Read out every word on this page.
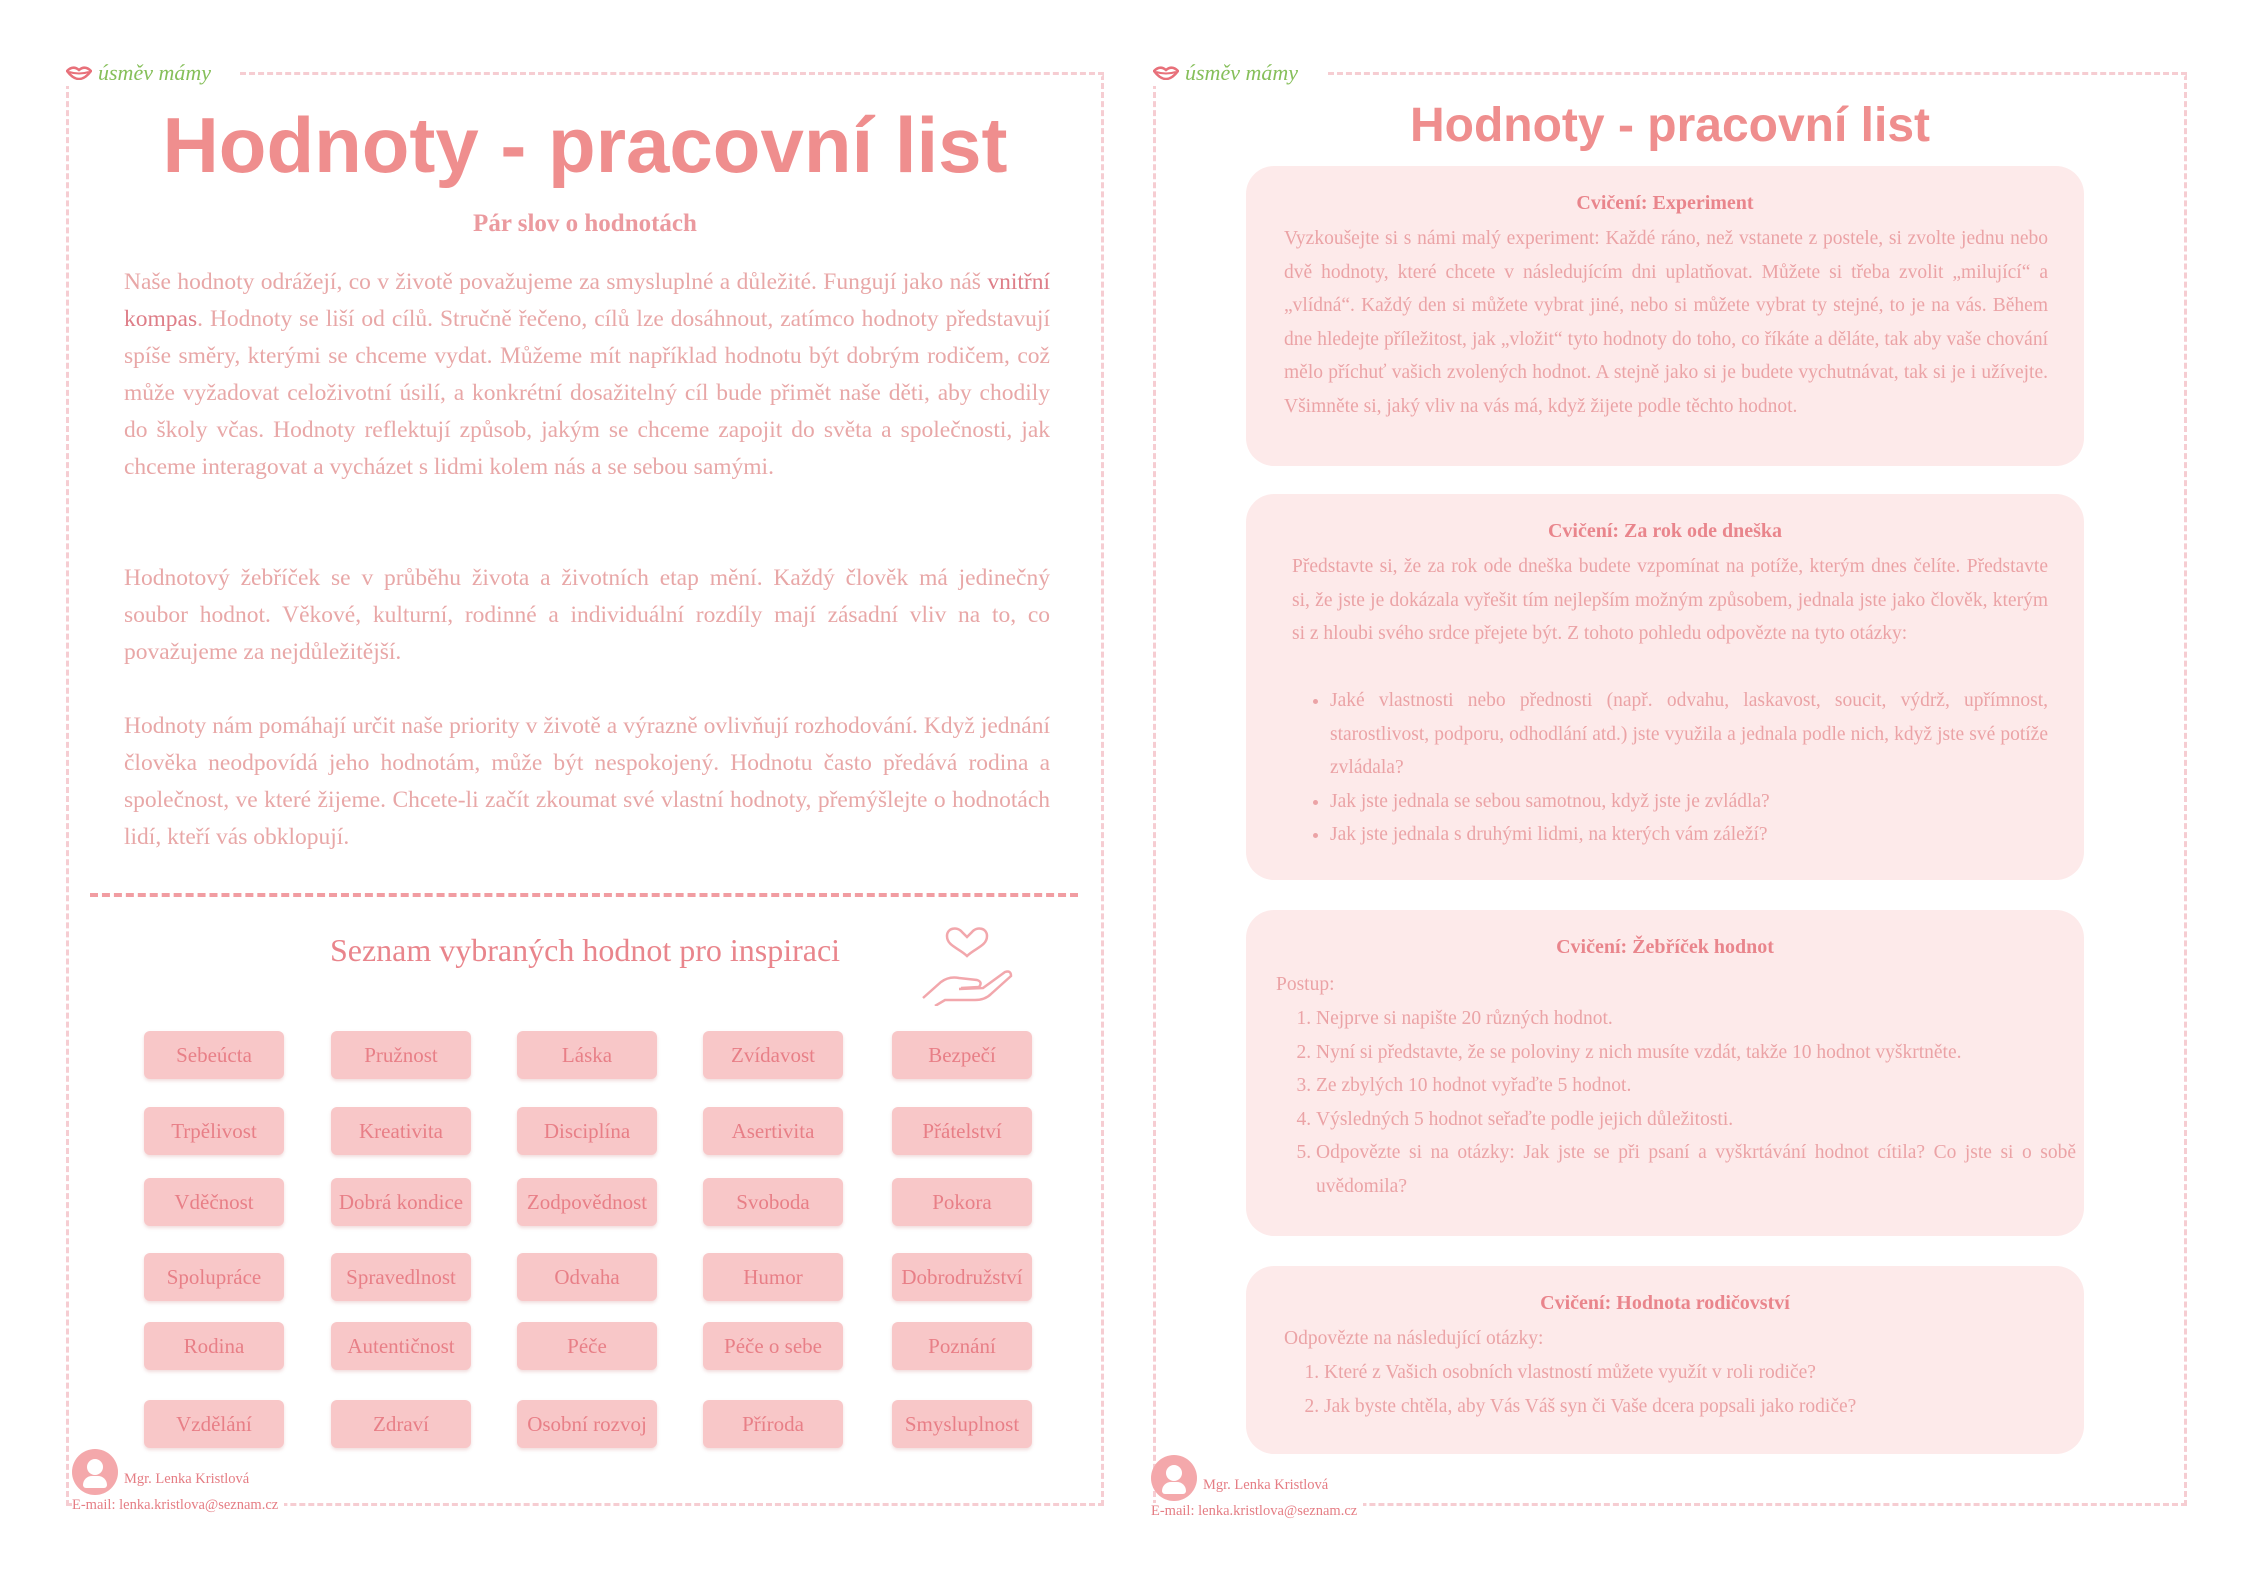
úsměv mámy
Hodnoty - pracovní list
Pár slov o hodnotách
Naše hodnoty odrážejí, co v životě považujeme za smysluplné a důležité. Fungují jako náš vnitřní kompas. Hodnoty se liší od cílů. Stručně řečeno, cílů lze dosáhnout, zatímco hodnoty představují spíše směry, kterými se chceme vydat. Můžeme mít například hodnotu být dobrým rodičem, což může vyžadovat celoživotní úsilí, a konkrétní dosažitelný cíl bude přimět naše děti, aby chodily do školy včas. Hodnoty reflektují způsob, jakým se chceme zapojit do světa a společnosti, jak chceme interagovat a vycházet s lidmi kolem nás a se sebou samými.
Hodnotový žebříček se v průběhu života a životních etap mění. Každý člověk má jedinečný soubor hodnot. Věkové, kulturní, rodinné a individuální rozdíly mají zásadní vliv na to, co považujeme za nejdůležitější.
Hodnoty nám pomáhají určit naše priority v životě a výrazně ovlivňují rozhodování. Když jednání člověka neodpovídá jeho hodnotám, může být nespokojený. Hodnotu často předává rodina a společnost, ve které žijeme. Chcete-li začít zkoumat své vlastní hodnoty, přemýšlejte o hodnotách lidí, kteří vás obklopují.
Seznam vybraných hodnot pro inspiraci
Sebeúcta	Pružnost	Láska	Zvídavost	Bezpečí
Trpělivost	Kreativita	Disciplína	Asertivita	Přátelství
Vděčnost	Dobrá kondice	Zodpovědnost	Svoboda	Pokora
Spolupráce	Spravedlnost	Odvaha	Humor	Dobrodružství
Rodina	Autentičnost	Péče	Péče o sebe	Poznání
Vzdělání	Zdraví	Osobní rozvoj	Příroda	Smysluplnost
Mgr. Lenka Kristlová
E-mail: lenka.kristlova@seznam.cz
úsměv mámy
Hodnoty - pracovní list
Cvičení: Experiment
Vyzkoušejte si s námi malý experiment: Každé ráno, než vstanete z postele, si zvolte jednu nebo dvě hodnoty, které chcete v následujícím dni uplatňovat. Můžete si třeba zvolit „milující“ a „vlídná“. Každý den si můžete vybrat jiné, nebo si můžete vybrat ty stejné, to je na vás. Během dne hledejte příležitost, jak „vložit“ tyto hodnoty do toho, co říkáte a děláte, tak aby vaše chování mělo příchuť vašich zvolených hodnot. A stejně jako si je budete vychutnávat, tak si je i užívejte. Všimněte si, jaký vliv na vás má, když žijete podle těchto hodnot.
Cvičení: Za rok ode dneška
Představte si, že za rok ode dneška budete vzpomínat na potíže, kterým dnes čelíte. Představte si, že jste je dokázala vyřešit tím nejlepším možným způsobem, jednala jste jako člověk, kterým si z hloubi svého srdce přejete být. Z tohoto pohledu odpovězte na tyto otázky:
• Jaké vlastnosti nebo přednosti (např. odvahu, laskavost, soucit, výdrž, upřímnost, starostlivost, podporu, odhodlání atd.) jste využila a jednala podle nich, když jste své potíže zvládala?
• Jak jste jednala se sebou samotnou, když jste je zvládla?
• Jak jste jednala s druhými lidmi, na kterých vám záleží?
Cvičení: Žebříček hodnot
Postup:
1. Nejprve si napište 20 různých hodnot.
2. Nyní si představte, že se poloviny z nich musíte vzdát, takže 10 hodnot vyškrtněte.
3. Ze zbylých 10 hodnot vyřaďte 5 hodnot.
4. Výsledných 5 hodnot seřaďte podle jejich důležitosti.
5. Odpovězte si na otázky: Jak jste se při psaní a vyškrtávání hodnot cítila? Co jste si o sobě uvědomila?
Cvičení: Hodnota rodičovství
Odpovězte na následující otázky:
1. Které z Vašich osobních vlastností můžete využít v roli rodiče?
2. Jak byste chtěla, aby Vás Váš syn či Vaše dcera popsali jako rodiče?
Mgr. Lenka Kristlová
E-mail: lenka.kristlova@seznam.cz
